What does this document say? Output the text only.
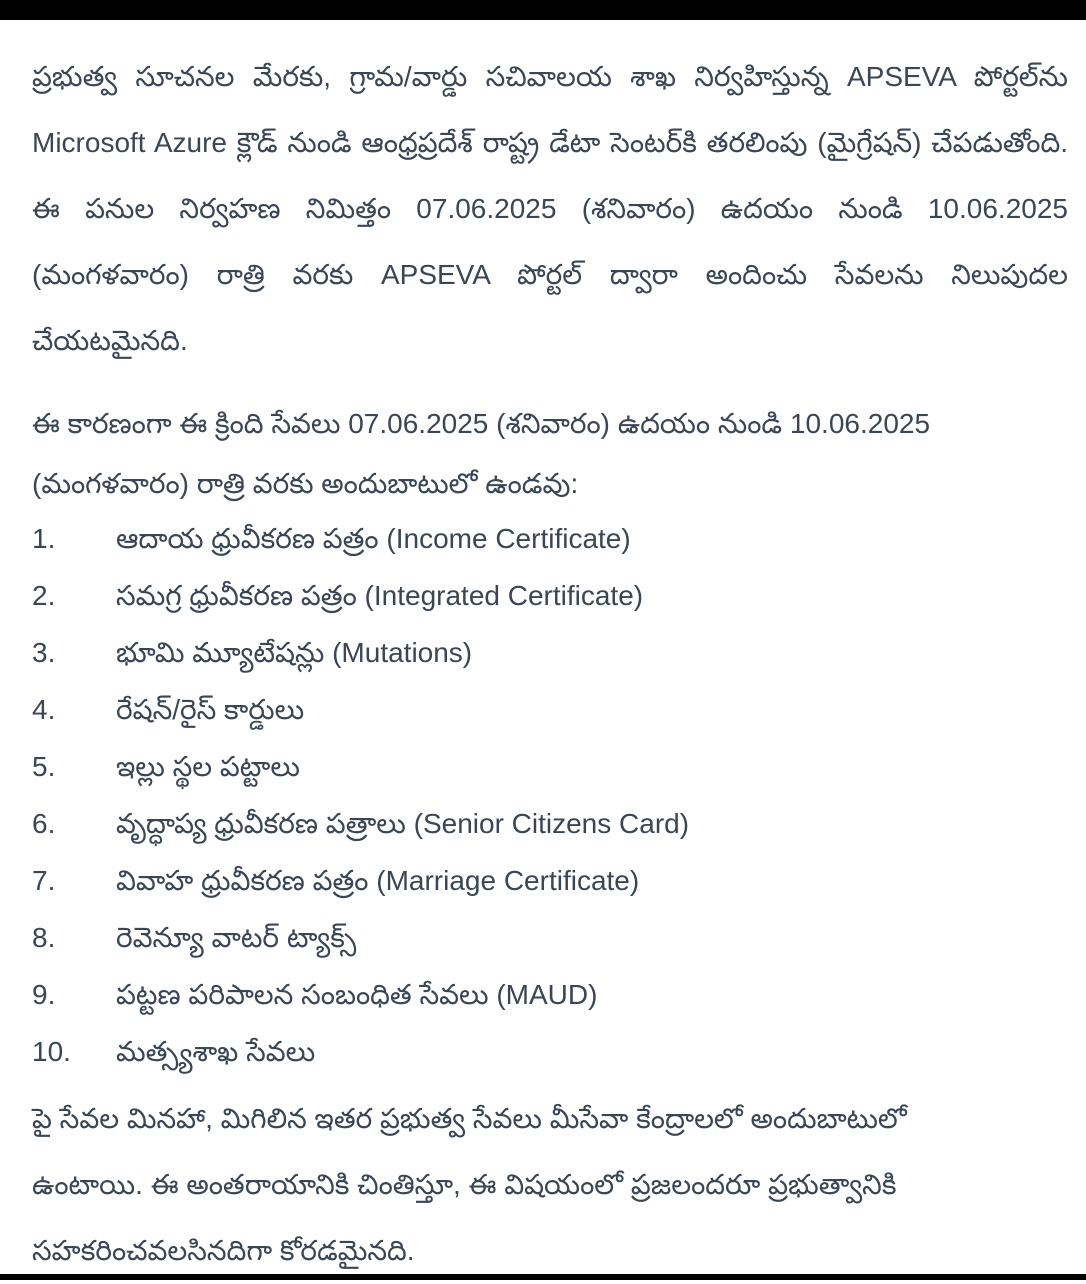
ప్రభుత్వ సూచనల మేరకు, గ్రామ/వార్డు సచివాలయ శాఖ నిర్వహిస్తున్న APSEVA పోర్టల్‌ను Microsoft Azure క్లౌడ్ నుండి ఆంధ్రప్రదేశ్ రాష్ట్ర డేటా సెంటర్‌కి తరలింపు (మైగ్రేషన్) చేపడుతోంది. ఈ పనుల నిర్వహణ నిమిత్తం 07.06.2025 (శనివారం) ఉదయం నుండి 10.06.2025 (మంగళవారం) రాత్రి వరకు APSEVA పోర్టల్ ద్వారా అందించు సేవలను నిలుపుదల చేయటమైనది.

ఈ కారణంగా ఈ క్రింది సేవలు 07.06.2025 (శనివారం) ఉదయం నుండి 10.06.2025 (మంగళవారం) రాత్రి వరకు అందుబాటులో ఉండవు:

1.	ఆదాయ ధ్రువీకరణ పత్రం (Income Certificate)
2.	సమగ్ర ధ్రువీకరణ పత్రం (Integrated Certificate)
3.	భూమి మ్యూటేషన్లు (Mutations)
4.	రేషన్/రైస్ కార్డులు
5.	ఇల్లు స్థల పట్టాలు
6.	వృద్ధాప్య ధ్రువీకరణ పత్రాలు (Senior Citizens Card)
7.	వివాహ ధ్రువీకరణ పత్రం (Marriage Certificate)
8.	రెవెన్యూ వాటర్ ట్యాక్స్
9.	పట్టణ పరిపాలన సంబంధిత సేవలు (MAUD)
10.	మత్స్యశాఖ సేవలు

పై సేవల మినహా, మిగిలిన ఇతర ప్రభుత్వ సేవలు మీసేవా కేంద్రాలలో అందుబాటులో ఉంటాయి. ఈ అంతరాయానికి చింతిస్తూ, ఈ విషయంలో ప్రజలందరూ ప్రభుత్వానికి సహకరించవలసినదిగా కోరడమైనది.
